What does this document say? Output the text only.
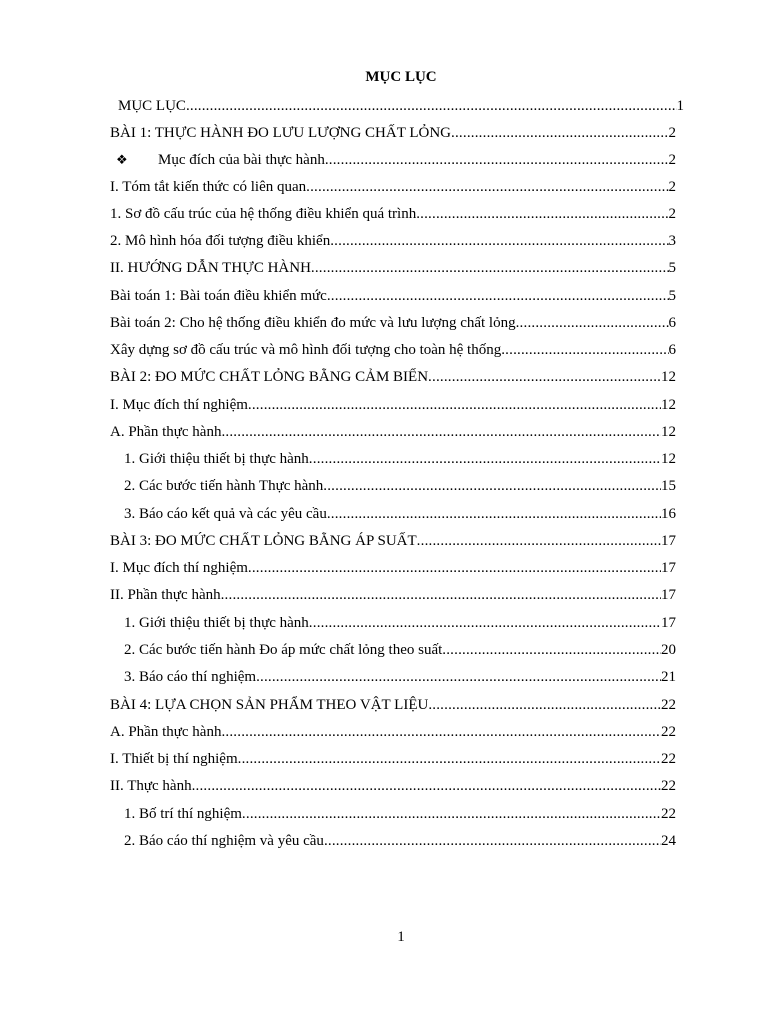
MỤC LỤC
MỤC LỤC .....	1
BÀI 1: THỰC HÀNH ĐO LƯU LƯỢNG CHẤT LỎNG .....	2
❖	Mục đích của bài thực hành .....	2
I. Tóm tắt kiến thức có liên quan .....	2
1. Sơ đồ cấu trúc của hệ thống điều khiển quá trình .....	2
2. Mô hình hóa đối tượng điều khiển .....	3
II. HƯỚNG DẪN THỰC HÀNH .....	5
Bài toán 1: Bài toán điều khiển mức .....	5
Bài toán 2: Cho hệ thống điều khiển đo mức và lưu lượng chất lỏng .....	6
Xây dựng sơ đồ cấu trúc và mô hình đối tượng cho toàn hệ thống .....	6
BÀI 2: ĐO MỨC CHẤT LỎNG BẰNG CẢM BIẾN .....	12
I. Mục đích thí nghiệm .....	12
A. Phần thực hành .....	12
1. Giới thiệu thiết bị thực hành .....	12
2. Các bước tiến hành Thực hành .....	15
3. Báo cáo kết quả và các yêu cầu .....	16
BÀI 3: ĐO MỨC CHẤT LỎNG BẰNG ÁP SUẤT .....	17
I. Mục đích thí nghiệm .....	17
II. Phần thực hành .....	17
1. Giới thiệu thiết bị thực hành .....	17
2. Các bước tiến hành Đo áp mức chất lỏng theo suất .....	20
3. Báo cáo thí nghiệm .....	21
BÀI 4: LỰA CHỌN SẢN PHẨM THEO VẬT LIỆU .....	22
A. Phần thực hành .....	22
I. Thiết bị thí nghiệm .....	22
II. Thực hành .....	22
1. Bố trí thí nghiệm .....	22
2. Báo cáo thí nghiệm và yêu cầu .....	24
1
